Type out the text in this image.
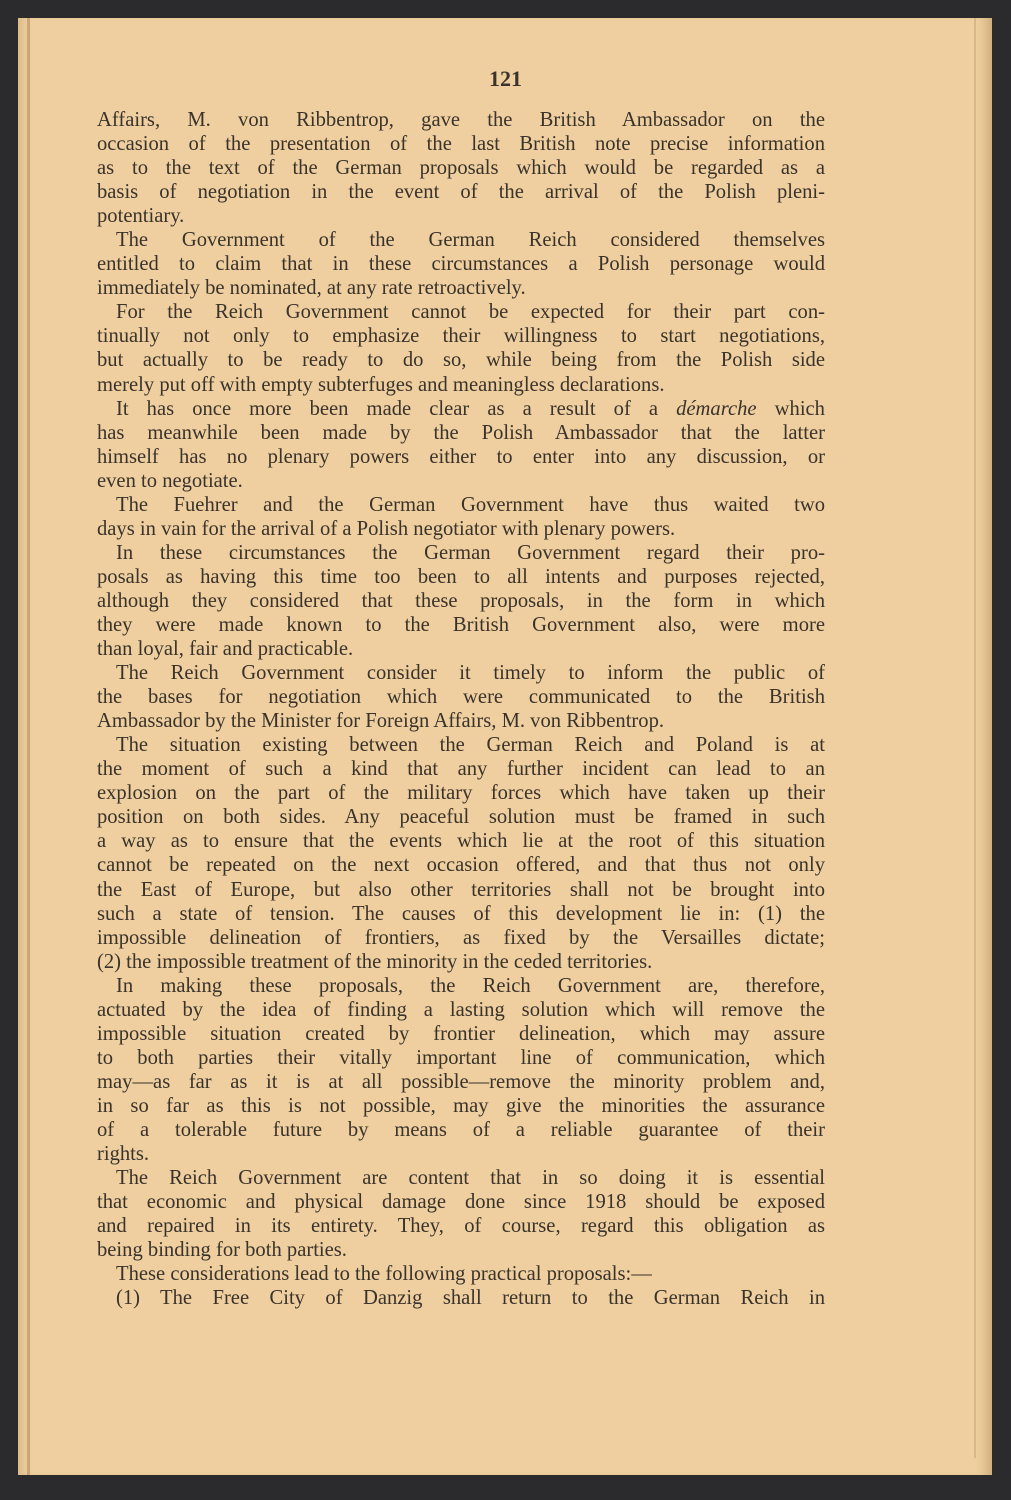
121
Affairs, M. von Ribbentrop, gave the British Ambassador on the
occasion of the presentation of the last British note precise information
as to the text of the German proposals which would be regarded as a
basis of negotiation in the event of the arrival of the Polish pleni-
potentiary.
The Government of the German Reich considered themselves
entitled to claim that in these circumstances a Polish personage would
immediately be nominated, at any rate retroactively.
For the Reich Government cannot be expected for their part con-
tinually not only to emphasize their willingness to start negotiations,
but actually to be ready to do so, while being from the Polish side
merely put off with empty subterfuges and meaningless declarations.
It has once more been made clear as a result of a démarche which
has meanwhile been made by the Polish Ambassador that the latter
himself has no plenary powers either to enter into any discussion, or
even to negotiate.
The Fuehrer and the German Government have thus waited two
days in vain for the arrival of a Polish negotiator with plenary powers.
In these circumstances the German Government regard their pro-
posals as having this time too been to all intents and purposes rejected,
although they considered that these proposals, in the form in which
they were made known to the British Government also, were more
than loyal, fair and practicable.
The Reich Government consider it timely to inform the public of
the bases for negotiation which were communicated to the British
Ambassador by the Minister for Foreign Affairs, M. von Ribbentrop.
The situation existing between the German Reich and Poland is at
the moment of such a kind that any further incident can lead to an
explosion on the part of the military forces which have taken up their
position on both sides. Any peaceful solution must be framed in such
a way as to ensure that the events which lie at the root of this situation
cannot be repeated on the next occasion offered, and that thus not only
the East of Europe, but also other territories shall not be brought into
such a state of tension. The causes of this development lie in: (1) the
impossible delineation of frontiers, as fixed by the Versailles dictate;
(2) the impossible treatment of the minority in the ceded territories.
In making these proposals, the Reich Government are, therefore,
actuated by the idea of finding a lasting solution which will remove the
impossible situation created by frontier delineation, which may assure
to both parties their vitally important line of communication, which
may—as far as it is at all possible—remove the minority problem and,
in so far as this is not possible, may give the minorities the assurance
of a tolerable future by means of a reliable guarantee of their
rights.
The Reich Government are content that in so doing it is essential
that economic and physical damage done since 1918 should be exposed
and repaired in its entirety. They, of course, regard this obligation as
being binding for both parties.
These considerations lead to the following practical proposals:—
(1) The Free City of Danzig shall return to the German Reich in
